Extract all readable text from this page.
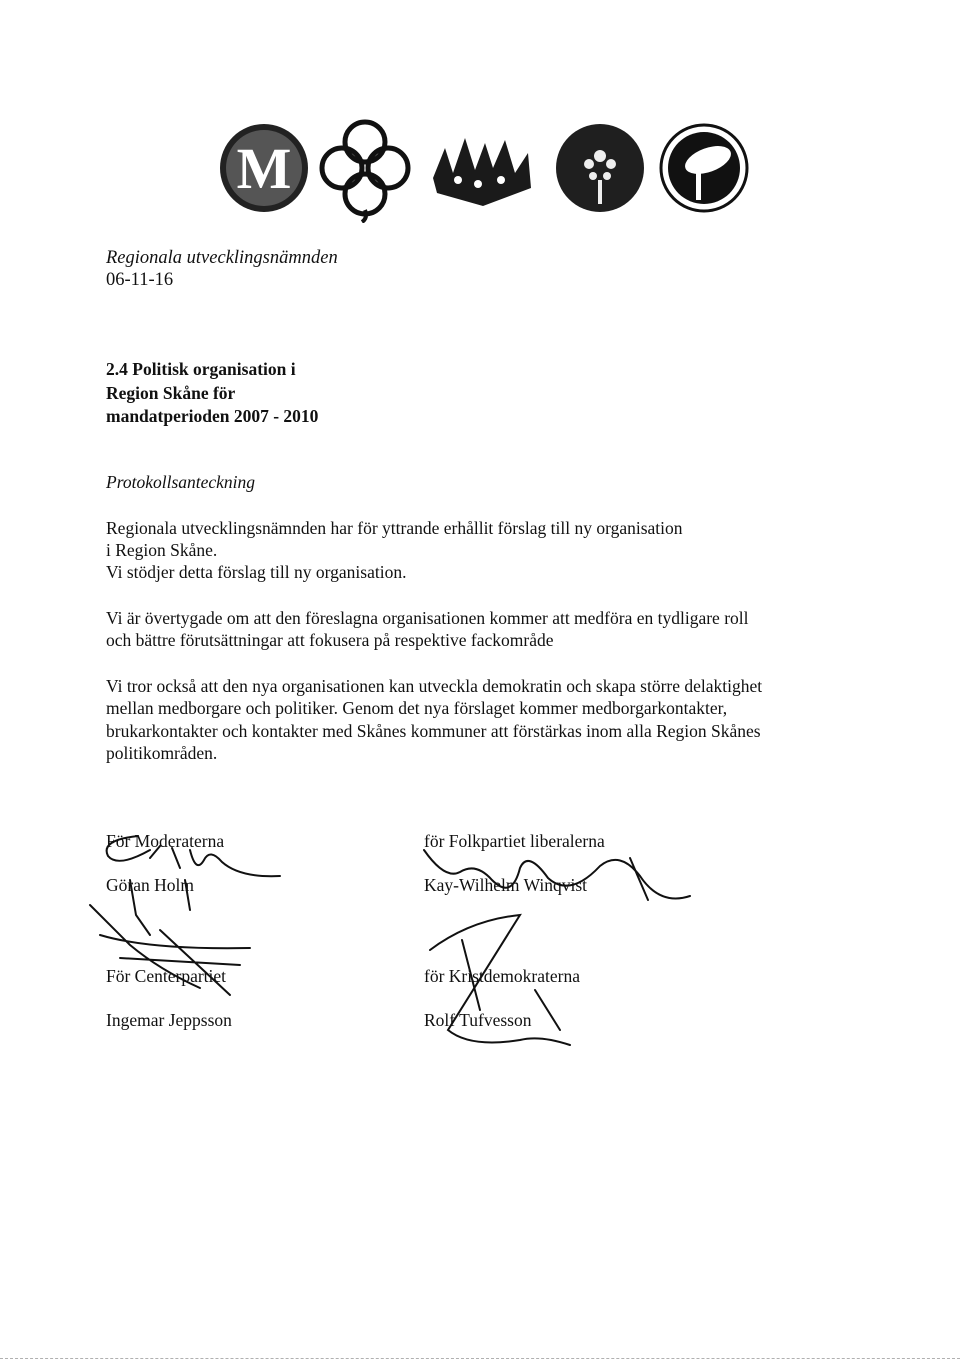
M
Regionala utvecklingsnämnden
06-11-16
2.4 Politisk organisation i
Region Skåne för
mandatperioden 2007 - 2010
Protokollsanteckning
Regionala utvecklingsnämnden har för yttrande erhållit förslag till ny organisation
i Region Skåne.
Vi stödjer detta förslag till ny organisation.
Vi är övertygade om att den föreslagna organisationen kommer att medföra en tydligare roll
och bättre förutsättningar att fokusera på respektive fackområde
Vi tror också att den nya organisationen kan utveckla demokratin och skapa större delaktighet
mellan medborgare och politiker. Genom det nya förslaget kommer medborgarkontakter,
brukarkontakter och kontakter med Skånes kommuner att förstärkas inom alla Region Skånes
politikområden.
För Moderaterna
Göran Holm
för Folkpartiet liberalerna
Kay-Wilhelm Winqvist
För Centerpartiet
Ingemar Jeppsson
för Kristdemokraterna
Rolf Tufvesson
